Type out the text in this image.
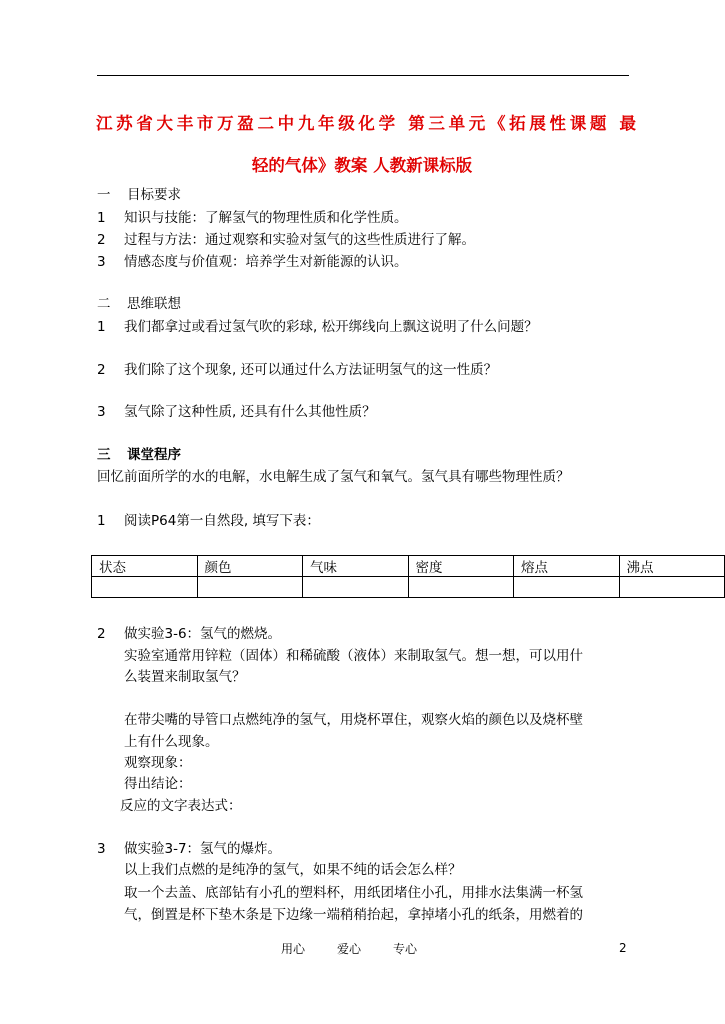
江苏省大丰市万盈二中九年级化学 第三单元《拓展性课题 最
轻的气体》教案 人教新课标版
一 目标要求
1 知识与技能：了解氢气的物理性质和化学性质。
2 过程与方法：通过观察和实验对氢气的这些性质进行了解。
3 情感态度与价值观：培养学生对新能源的认识。
二 思维联想
1 我们都拿过或看过氢气吹的彩球, 松开绑线向上飘这说明了什么问题？
2 我们除了这个现象, 还可以通过什么方法证明氢气的这一性质？
3 氢气除了这种性质, 还具有什么其他性质？
三 课堂程序
回忆前面所学的水的电解，水电解生成了氢气和氧气。氢气具有哪些物理性质？
1 阅读P64第一自然段, 填写下表：
状态	颜色	气味	密度	熔点	沸点

2 做实验3-6：氢气的燃烧。
实验室通常用锌粒（固体）和稀硫酸（液体）来制取氢气。想一想，可以用什
么装置来制取氢气？
在带尖嘴的导管口点燃纯净的氢气，用烧杯罩住，观察火焰的颜色以及烧杯壁
上有什么现象。
观察现象：
得出结论：
反应的文字表达式：
3 做实验3-7：氢气的爆炸。
以上我们点燃的是纯净的氢气，如果不纯的话会怎么样？
取一个去盖、底部钻有小孔的塑料杯，用纸团堵住小孔，用排水法集满一杯氢
气，倒置是杯下垫木条是下边缘一端稍稍抬起，拿掉堵小孔的纸条，用燃着的
用心	爱心	专心	2
